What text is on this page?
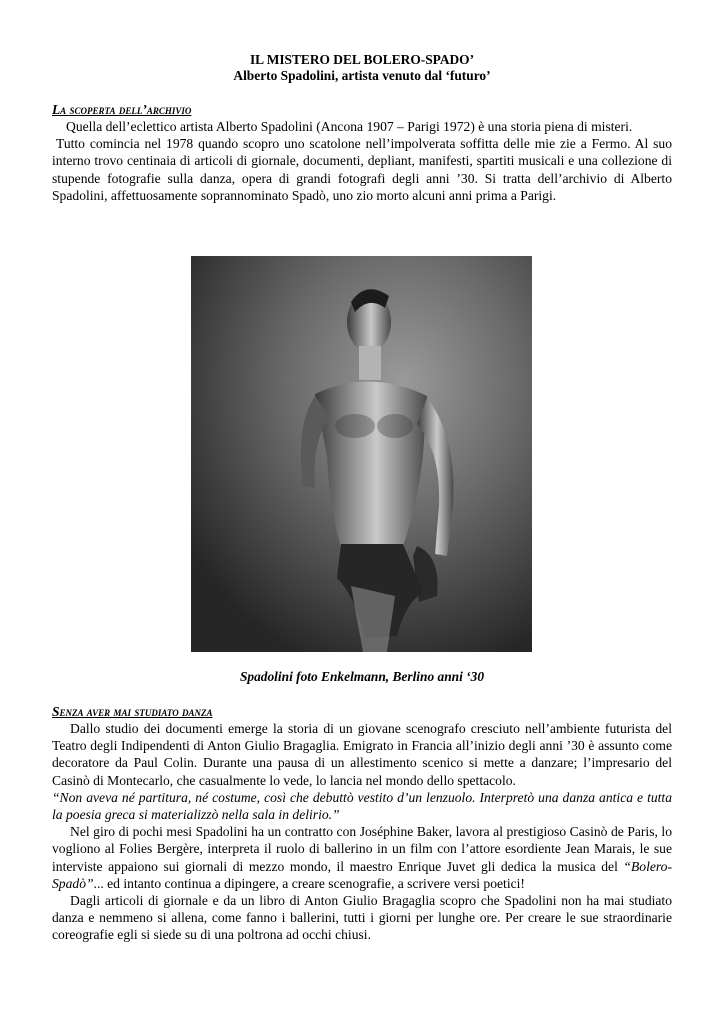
IL MISTERO DEL BOLERO-SPADO’
Alberto Spadolini, artista venuto dal ‘futuro’

La scoperta dell’archivio

Quella dell’eclettico artista Alberto Spadolini (Ancona 1907 – Parigi 1972) è una storia piena di misteri.

Tutto comincia nel 1978 quando scopro uno scatolone nell’impolverata soffitta delle mie zie a Fermo. Al suo interno trovo centinaia di articoli di giornale, documenti, depliant, manifesti, spartiti musicali e una collezione di stupende fotografie sulla danza, opera di grandi fotografi degli anni ’30. Si tratta dell’archivio di Alberto Spadolini, affettuosamente soprannominato Spadò, uno zio morto alcuni anni prima a Parigi.

Spadolini foto Enkelmann, Berlino anni ‘30

Senza aver mai studiato danza

Dallo studio dei documenti emerge la storia di un giovane scenografo cresciuto nell’ambiente futurista del Teatro degli Indipendenti di Anton Giulio Bragaglia. Emigrato in Francia all’inizio degli anni ’30 è assunto come decoratore da Paul Colin. Durante una pausa di un allestimento scenico si mette a danzare; l’impresario del Casinò di Montecarlo, che casualmente lo vede, lo lancia nel mondo dello spettacolo.

“Non aveva né partitura, né costume, così che debuttò vestito d’un lenzuolo. Interpretò una danza antica e tutta la poesia greca si materializzò nella sala in delirio.”

Nel giro di pochi mesi Spadolini ha un contratto con Joséphine Baker, lavora al prestigioso Casinò de Paris, lo vogliono al Folies Bergère, interpreta il ruolo di ballerino in un film con l’attore esordiente Jean Marais, le sue interviste appaiono sui giornali di mezzo mondo, il maestro Enrique Juvet gli dedica la musica del “Bolero-Spadò”... ed intanto continua a dipingere, a creare scenografie, a scrivere versi poetici!

Dagli articoli di giornale e da un libro di Anton Giulio Bragaglia scopro che Spadolini non ha mai studiato danza e nemmeno si allena, come fanno i ballerini, tutti i giorni per lunghe ore. Per creare le sue straordinarie coreografie egli si siede su di una poltrona ad occhi chiusi.
